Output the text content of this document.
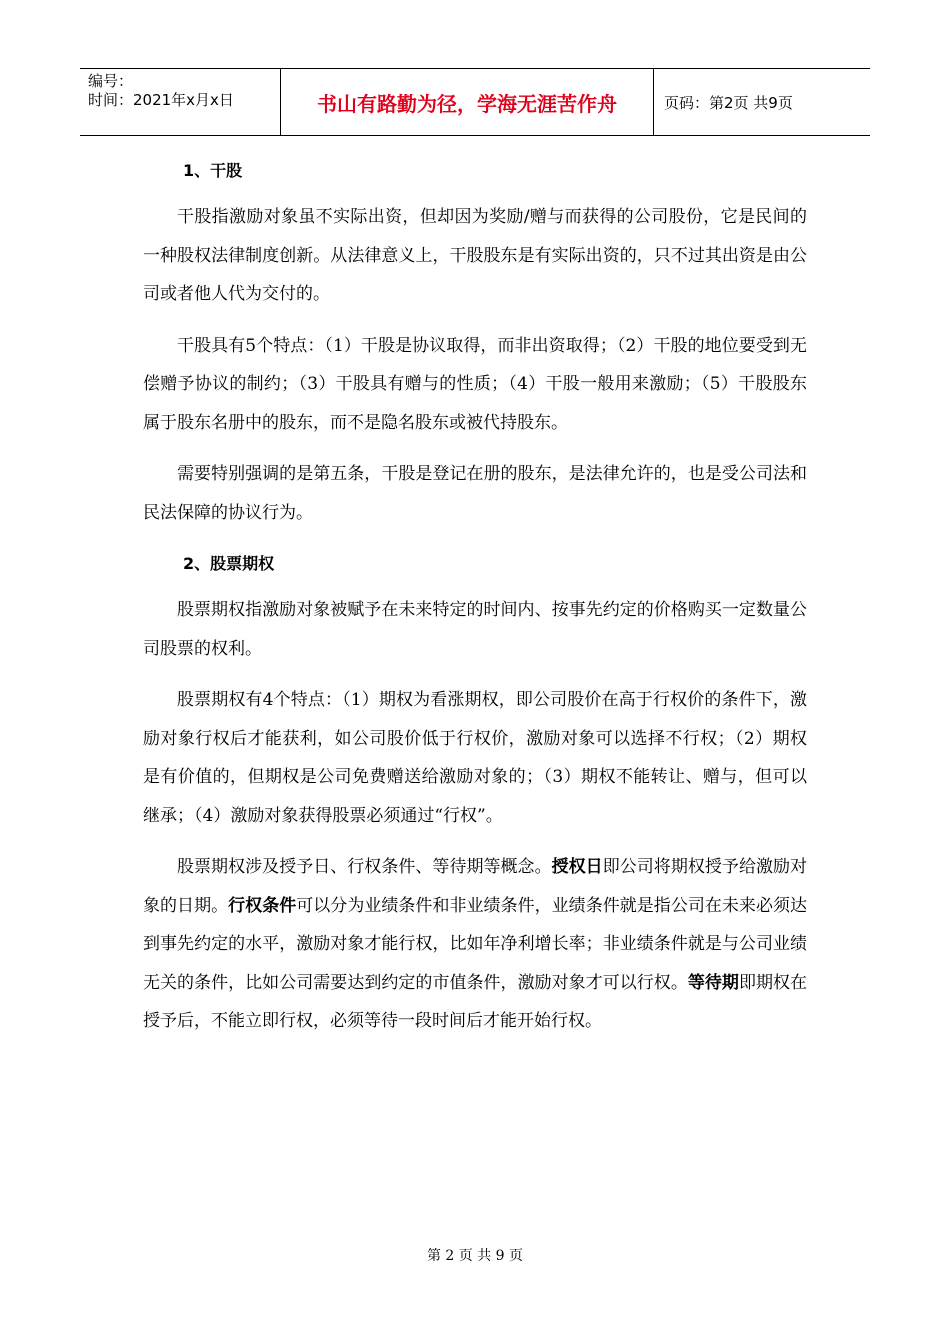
编号：
时间：2021年x月x日	书山有路勤为径，学海无涯苦作舟	页码：第2页 共9页
1、干股

干股指激励对象虽不实际出资，但却因为奖励/赠与而获得的公司股份，它是民间的一种股权法律制度创新。从法律意义上，干股股东是有实际出资的，只不过其出资是由公司或者他人代为交付的。

干股具有5个特点：（1）干股是协议取得，而非出资取得；（2）干股的地位要受到无偿赠予协议的制约；（3）干股具有赠与的性质；（4）干股一般用来激励；（5）干股股东属于股东名册中的股东，而不是隐名股东或被代持股东。

需要特别强调的是第五条，干股是登记在册的股东，是法律允许的，也是受公司法和民法保障的协议行为。

2、股票期权

股票期权指激励对象被赋予在未来特定的时间内、按事先约定的价格购买一定数量公司股票的权利。

股票期权有4个特点：（1）期权为看涨期权，即公司股价在高于行权价的条件下，激励对象行权后才能获利，如公司股价低于行权价，激励对象可以选择不行权；（2）期权是有价值的，但期权是公司免费赠送给激励对象的；（3）期权不能转让、赠与，但可以继承；（4）激励对象获得股票必须通过“行权”。

股票期权涉及授予日、行权条件、等待期等概念。授权日即公司将期权授予给激励对象的日期。行权条件可以分为业绩条件和非业绩条件，业绩条件就是指公司在未来必须达到事先约定的水平，激励对象才能行权，比如年净利增长率；非业绩条件就是与公司业绩无关的条件，比如公司需要达到约定的市值条件，激励对象才可以行权。等待期即期权在授予后，不能立即行权，必须等待一段时间后才能开始行权。

第 2 页 共 9 页
